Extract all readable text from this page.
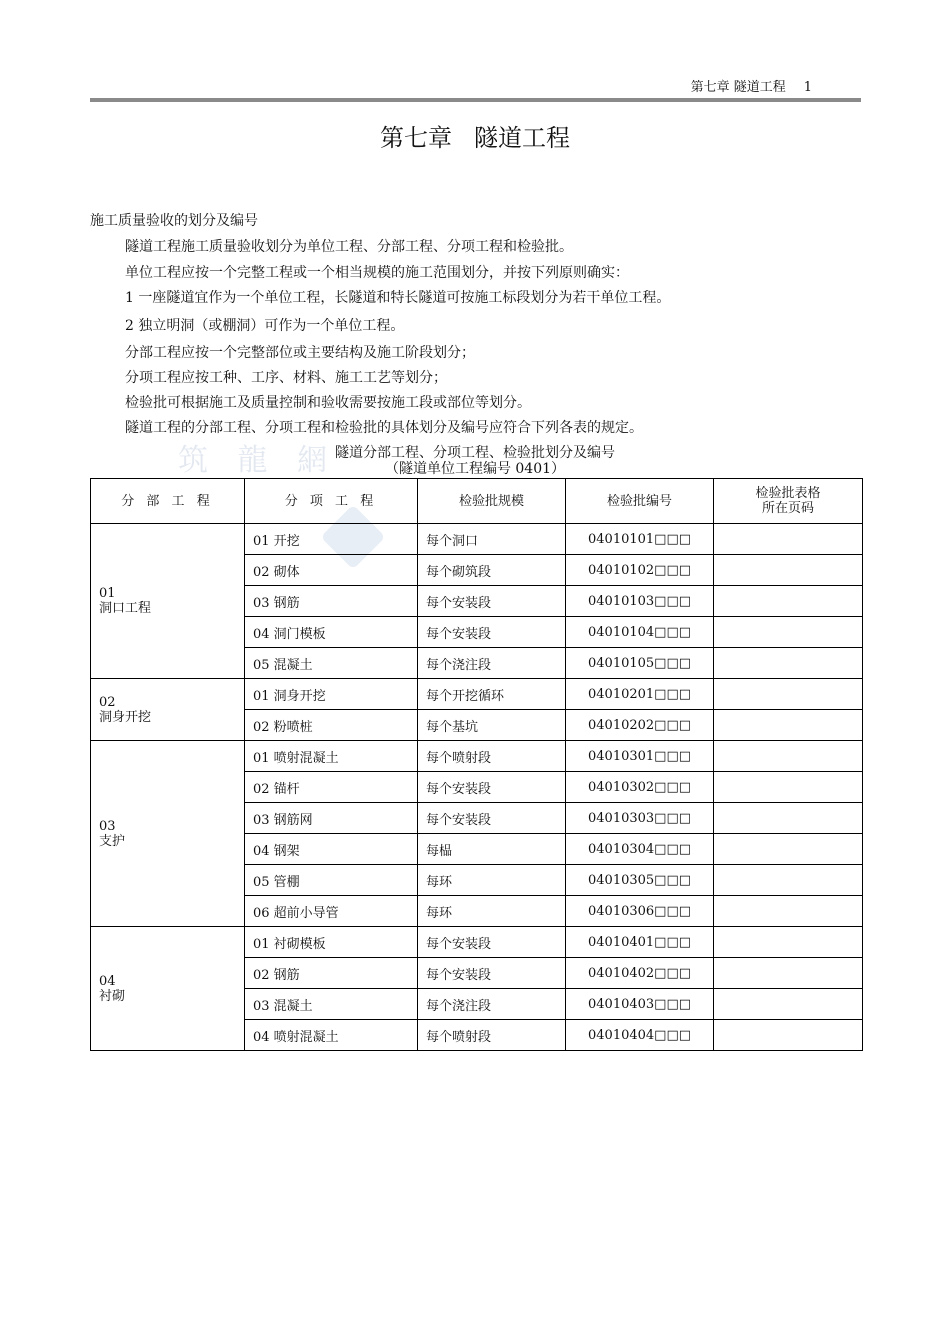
第七章 隧道工程 1
第七章 隧道工程
施工质量验收的划分及编号
隧道工程施工质量验收划分为单位工程、分部工程、分项工程和检验批。
单位工程应按一个完整工程或一个相当规模的施工范围划分，并按下列原则确实：
1 一座隧道宜作为一个单位工程，长隧道和特长隧道可按施工标段划分为若干单位工程。
2 独立明洞（或棚洞）可作为一个单位工程。
分部工程应按一个完整部位或主要结构及施工阶段划分；
分项工程应按工种、工序、材料、施工工艺等划分；
检验批可根据施工及质量控制和验收需要按施工段或部位等划分。
隧道工程的分部工程、分项工程和检验批的具体划分及编号应符合下列各表的规定。
筑 龍 網
隧道分部工程、分项工程、检验批划分及编号
（隧道单位工程编号 0401）
分 部 工 程	分 项 工 程	检验批规模	检验批编号	检验批表格
所在页码

01
洞口工程	01 开挖	每个洞口	04010101□□□	
	02 砌体	每个砌筑段	04010102□□□	
	03 钢筋	每个安装段	04010103□□□	
	04 洞门模板	每个安装段	04010104□□□	
	05 混凝土	每个浇注段	04010105□□□	

02
洞身开挖	01 洞身开挖	每个开挖循环	04010201□□□	
	02 粉喷桩	每个基坑	04010202□□□	

03
支护	01 喷射混凝土	每个喷射段	04010301□□□	
	02 锚杆	每个安装段	04010302□□□	
	03 钢筋网	每个安装段	04010303□□□	
	04 钢架	每榀	04010304□□□	
	05 管棚	每环	04010305□□□	
	06 超前小导管	每环	04010306□□□	

04
衬砌	01 衬砌模板	每个安装段	04010401□□□	
	02 钢筋	每个安装段	04010402□□□	
	03 混凝土	每个浇注段	04010403□□□	
	04 喷射混凝土	每个喷射段	04010404□□□	
